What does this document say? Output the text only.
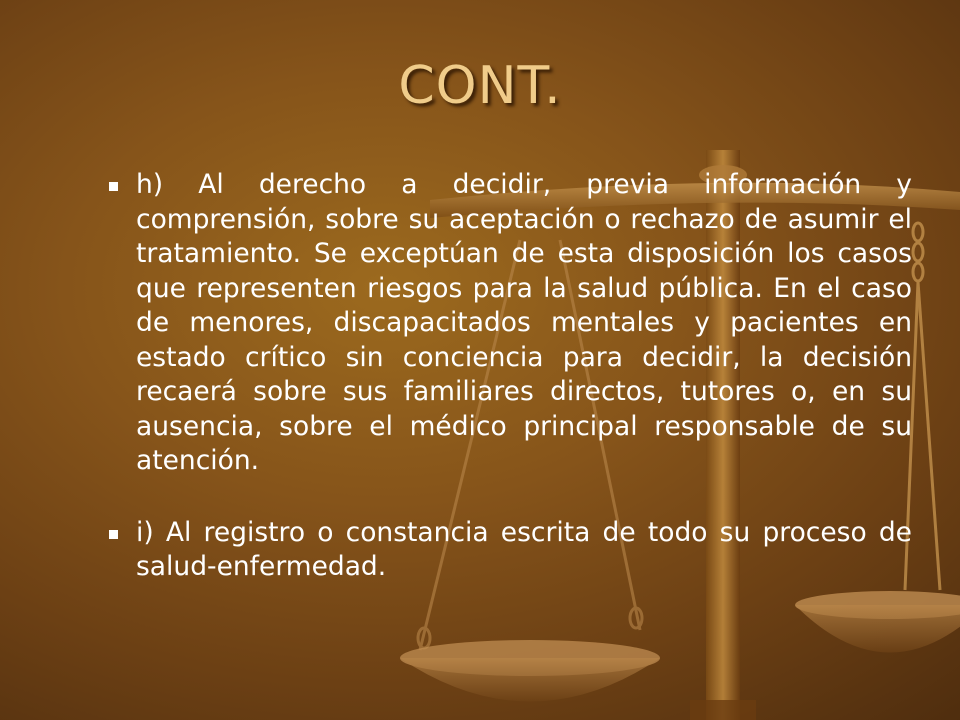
CONT.
h) Al derecho a decidir, previa información y comprensión, sobre su aceptación o rechazo de asumir el tratamiento. Se exceptúan de esta disposición los casos que representen riesgos para la salud pública. En el caso de menores, discapacitados mentales y pacientes en estado crítico sin conciencia para decidir, la decisión recaerá sobre sus familiares directos, tutores o, en su ausencia, sobre el médico principal responsable de su atención.
i) Al registro o constancia escrita de todo su proceso de salud-enfermedad.
